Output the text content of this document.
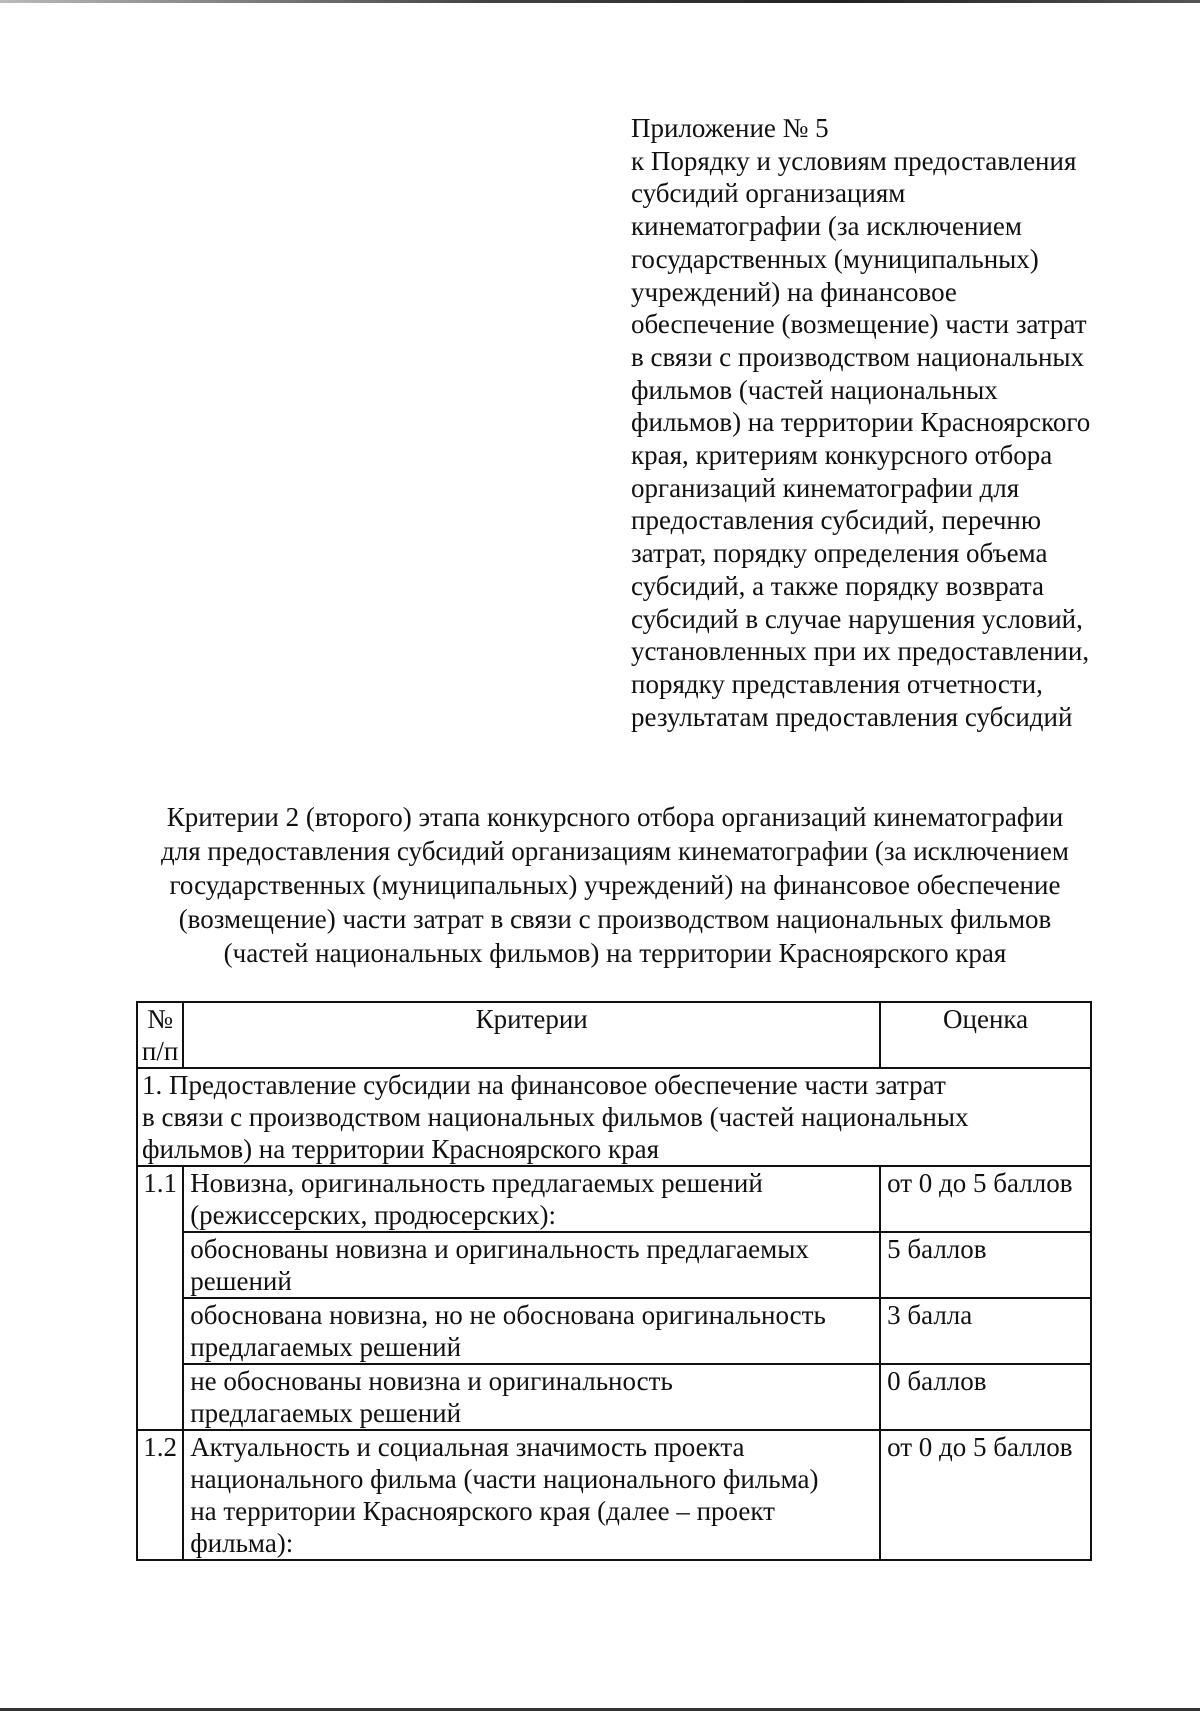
Приложение № 5
к Порядку и условиям предоставления
субсидий организациям
кинематографии (за исключением
государственных (муниципальных)
учреждений) на финансовое
обеспечение (возмещение) части затрат
в связи с производством национальных
фильмов (частей национальных
фильмов) на территории Красноярского
края, критериям конкурсного отбора
организаций кинематографии для
предоставления субсидий, перечню
затрат, порядку определения объема
субсидий, а также порядку возврата
субсидий в случае нарушения условий,
установленных при их предоставлении,
порядку представления отчетности,
результатам предоставления субсидий
Критерии 2 (второго) этапа конкурсного отбора организаций кинематографии
для предоставления субсидий организациям кинематографии (за исключением
государственных (муниципальных) учреждений) на финансовое обеспечение
(возмещение) части затрат в связи с производством национальных фильмов
(частей национальных фильмов) на территории Красноярского края
№
п/п	Критерии	Оценка

1. Предоставление субсидии на финансовое обеспечение части затрат
в связи с производством национальных фильмов (частей национальных
фильмов) на территории Красноярского края		

1.1	Новизна, оригинальность предлагаемых решений
(режиссерских, продюсерских):	от 0 до 5 баллов

	обоснованы новизна и оригинальность предлагаемых
решений	5 баллов

	обоснована новизна, но не обоснована оригинальность
предлагаемых решений	3 балла

	не обоснованы новизна и оригинальность
предлагаемых решений	0 баллов
1.2	Актуальность и социальная значимость проекта
национального фильма (части национального фильма)
на территории Красноярского края (далее – проект
фильма):	от 0 до 5 баллов
